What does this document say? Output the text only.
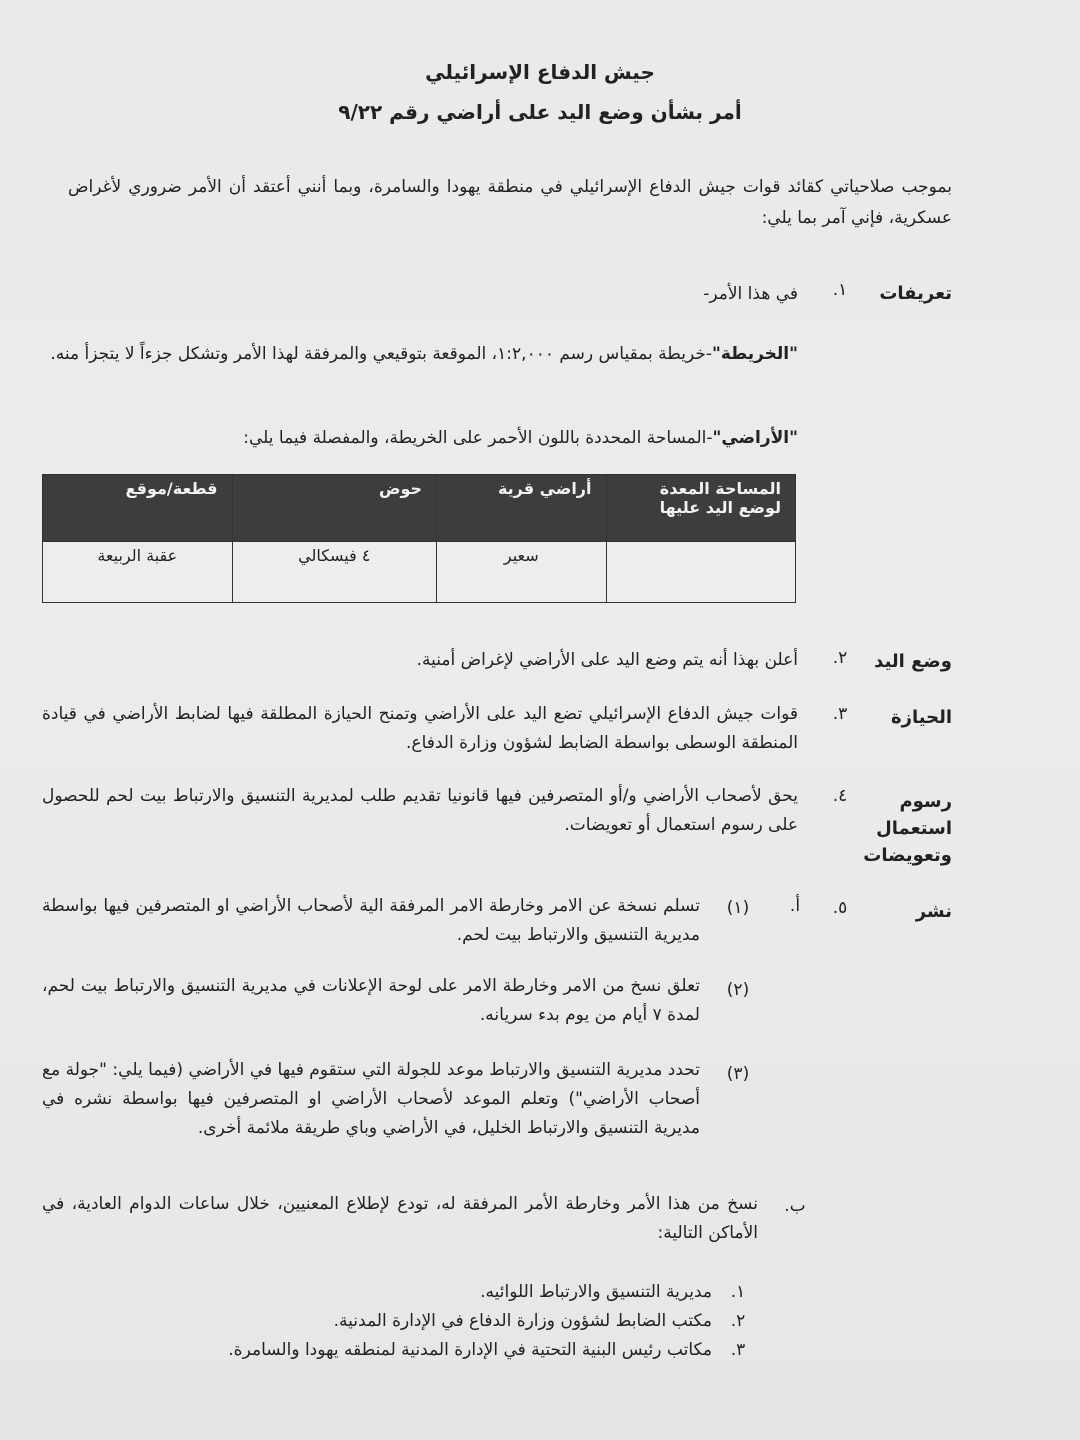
جيش الدفاع الإسرائيلي
أمر بشأن وضع اليد على أراضي رقم ٩/٢٢
بموجب صلاحياتي كقائد قوات جيش الدفاع الإسرائيلي في منطقة يهودا والسامرة، وبما أنني أعتقد أن الأمر ضروري لأغراض عسكرية، فإني آمر بما يلي:
تعريفات
١.
في هذا الأمر-
"الخريطة"-خريطة بمقياس رسم ١:٢,٠٠٠، الموقعة بتوقيعي والمرفقة لهذا الأمر وتشكل جزءاً لا يتجزأ منه.
"الأراضي"-المساحة المحددة باللون الأحمر على الخريطة، والمفصلة فيما يلي:
المساحة المعدة لوضع اليد عليها	أراضي قرية	حوض	قطعة/موقع
	سعير	٤ فيسكالي	عقبة الربيعة
وضع اليد
٢.
أعلن بهذا أنه يتم وضع اليد على الأراضي لإغراض أمنية.
الحيازة
٣.
قوات جيش الدفاع الإسرائيلي تضع اليد على الأراضي وتمنح الحيازة المطلقة فيها لضابط الأراضي في قيادة المنطقة الوسطى بواسطة الضابط لشؤون وزارة الدفاع.
رسوم استعمال وتعويضات
٤.
يحق لأصحاب الأراضي و/أو المتصرفين فيها قانونيا تقديم طلب لمديرية التنسيق والارتباط بيت لحم للحصول على رسوم استعمال أو تعويضات.
نشر
٥.
أ.
(١)
تسلم نسخة عن الامر وخارطة الامر المرفقة الية لأصحاب الأراضي او المتصرفين فيها بواسطة مديرية التنسيق والارتباط بيت لحم.
(٢)
تعلق نسخ من الامر وخارطة الامر على لوحة الإعلانات في مديرية التنسيق والارتباط بيت لحم، لمدة ٧ أيام من يوم بدء سريانه.
(٣)
تحدد مديرية التنسيق والارتباط موعد للجولة التي ستقوم فيها في الأراضي (فيما يلي: "جولة مع أصحاب الأراضي") وتعلم الموعد لأصحاب الأراضي او المتصرفين فيها بواسطة نشره في مديرية التنسيق والارتباط الخليل، في الأراضي وباي طريقة ملائمة أخرى.
ب.
نسخ من هذا الأمر وخارطة الأمر المرفقة له، تودع لإطلاع المعنيين، خلال ساعات الدوام العادية، في الأماكن التالية:
١.
مديرية التنسيق والارتباط اللوائيه.
٢.
مكتب الضابط لشؤون وزارة الدفاع في الإدارة المدنية.
٣.
مكاتب رئيس البنية التحتية في الإدارة المدنية لمنطقه يهودا والسامرة.
